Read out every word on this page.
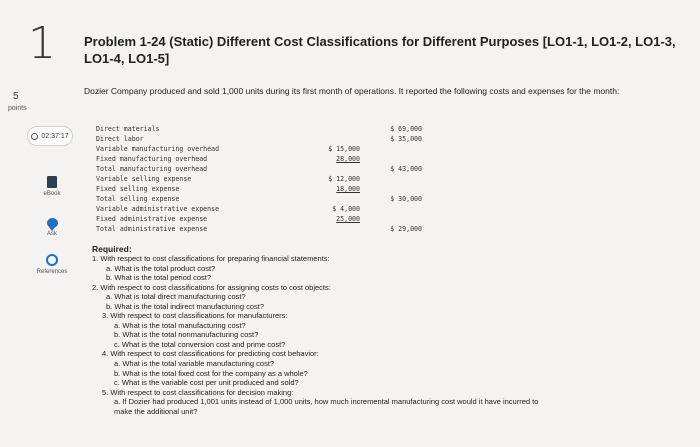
1
5
points
02:37:17
eBook
Ask
References
Problem 1-24 (Static) Different Cost Classifications for Different Purposes [LO1-1, LO1-2, LO1-3, LO1-4, LO1-5]
Dozier Company produced and sold 1,000 units during its first month of operations. It reported the following costs and expenses for the month:
Direct materials	$ 69,000
Direct labor	$ 35,000
Variable manufacturing overhead	$ 15,000
Fixed manufacturing overhead	28,000
Total manufacturing overhead	$ 43,000
Variable selling expense	$ 12,000
Fixed selling expense	18,000
Total selling expense	$ 30,000
Variable administrative expense	$ 4,000
Fixed administrative expense	25,000
Total administrative expense	$ 29,000
Required:
1. With respect to cost classifications for preparing financial statements:
a. What is the total product cost?
b. What is the total period cost?
2. With respect to cost classifications for assigning costs to cost objects:
a. What is total direct manufacturing cost?
b. What is the total indirect manufacturing cost?
3. With respect to cost classifications for manufacturers:
a. What is the total manufacturing cost?
b. What is the total nonmanufacturing cost?
c. What is the total conversion cost and prime cost?
4. With respect to cost classifications for predicting cost behavior:
a. What is the total variable manufacturing cost?
b. What is the total fixed cost for the company as a whole?
c. What is the variable cost per unit produced and sold?
5. With respect to cost classifications for decision making:
a. If Dozier had produced 1,001 units instead of 1,000 units, how much incremental manufacturing cost would it have incurred to
make the additional unit?
